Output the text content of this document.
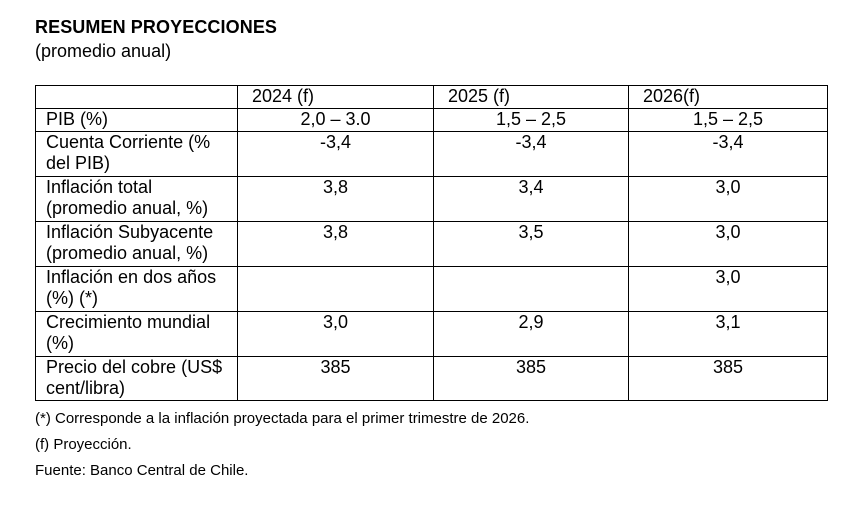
RESUMEN PROYECCIONES
(promedio anual)
	2024 (f)	2025 (f)	2026(f)
PIB (%)	2,0 – 3.0	1,5 – 2,5	1,5 – 2,5
Cuenta Corriente (% del PIB)	-3,4	-3,4	-3,4
Inflación total (promedio anual, %)	3,8	3,4	3,0
Inflación Subyacente (promedio anual, %)	3,8	3,5	3,0
Inflación en dos años (%) (*)			3,0
Crecimiento mundial (%)	3,0	2,9	3,1
Precio del cobre (US$ cent/libra)	385	385	385
(*) Corresponde a la inflación proyectada para el primer trimestre de 2026.
(f) Proyección.
Fuente: Banco Central de Chile.
